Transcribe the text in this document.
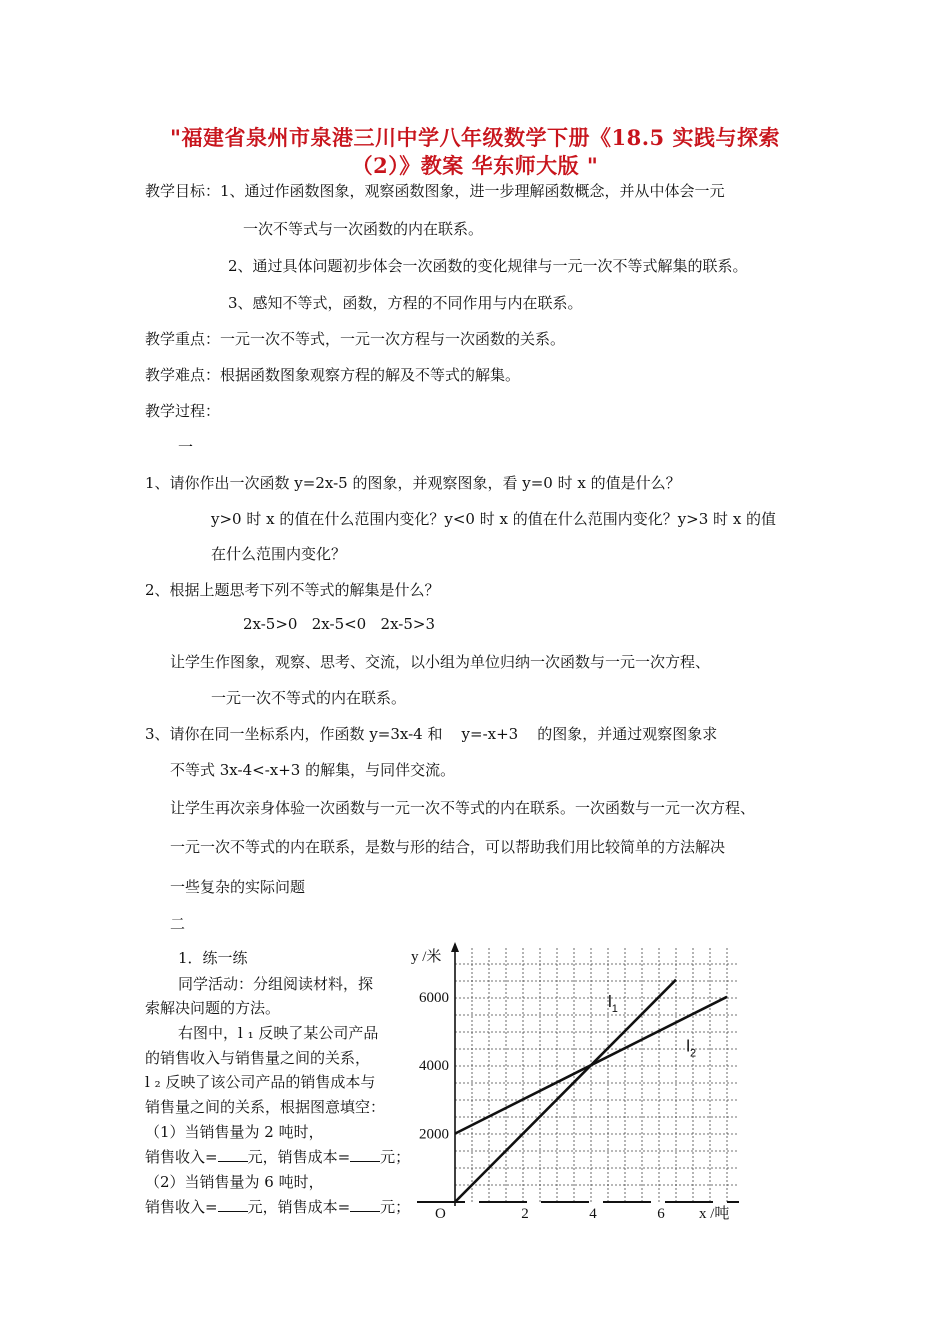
"福建省泉州市泉港三川中学八年级数学下册《18.5 实践与探索
（2）》教案 华东师大版 "
教学目标：1、通过作函数图象，观察函数图象，进一步理解函数概念，并从中体会一元
一次不等式与一次函数的内在联系。
2、通过具体问题初步体会一次函数的变化规律与一元一次不等式解集的联系。
3、感知不等式，函数，方程的不同作用与内在联系。
教学重点：一元一次不等式，一元一次方程与一次函数的关系。
教学难点：根据函数图象观察方程的解及不等式的解集。
教学过程：
一
1、请你作出一次函数 y=2x-5 的图象，并观察图象，看 y=0 时 x 的值是什么？
y>0 时 x 的值在什么范围内变化？y<0 时 x 的值在什么范围内变化？y>3 时 x 的值
在什么范围内变化？
2、根据上题思考下列不等式的解集是什么？
2x-5>0   2x-5<0   2x-5>3
让学生作图象，观察、思考、交流，以小组为单位归纳一次函数与一元一次方程、
一元一次不等式的内在联系。
3、请你在同一坐标系内，作函数 y=3x-4 和    y=-x+3    的图象，并通过观察图象求
不等式 3x-4<-x+3 的解集，与同伴交流。
让学生再次亲身体验一次函数与一元一次不等式的内在联系。一次函数与一元一次方程、
一元一次不等式的内在联系，是数与形的结合，可以帮助我们用比较简单的方法解决
一些复杂的实际问题
二
1．练一练
同学活动：分组阅读材料，探
索解决问题的方法。
右图中，l ₁ 反映了某公司产品
的销售收入与销售量之间的关系，
l ₂ 反映了该公司产品的销售成本与
销售量之间的关系，根据图意填空：
（1）当销售量为 2 吨时，
销售收入= 元，销售成本= 元；
（2）当销售量为 6 吨时，
销售收入= 元，销售成本= 元；
2000
4000
6000
2	4	6
O
y /米
x /吨
$l_1$
$l_2$
